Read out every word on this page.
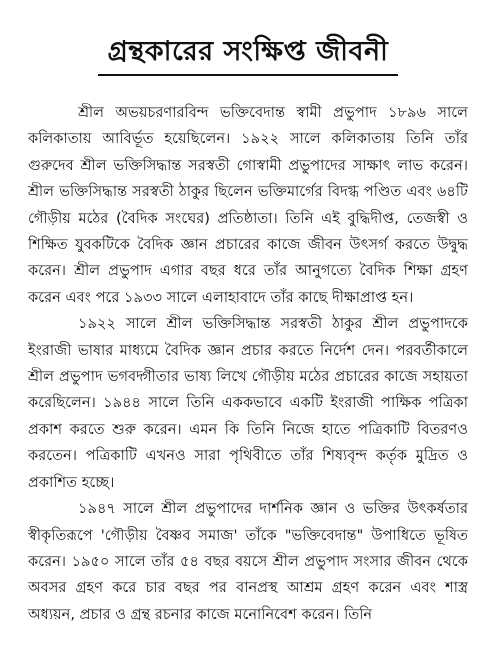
গ্রন্থকারের সংক্ষিপ্ত জীবনী

শ্রীল অভয়চরণারবিন্দ ভক্তিবেদান্ত স্বামী প্রভুপাদ ১৮৯৬ সালে কলিকাতায় আবির্ভূত হয়েছিলেন। ১৯২২ সালে কলিকাতায় তিনি তাঁর গুরুদেব শ্রীল ভক্তিসিদ্ধান্ত সরস্বতী গোস্বামী প্রভুপাদের সাক্ষাৎ লাভ করেন। শ্রীল ভক্তিসিদ্ধান্ত সরস্বতী ঠাকুর ছিলেন ভক্তিমার্গের বিদগ্ধ পণ্ডিত এবং ৬৪টি গৌড়ীয় মঠের (বৈদিক সংঘের) প্রতিষ্ঠাতা। তিনি এই বুদ্ধিদীপ্ত, তেজস্বী ও শিক্ষিত যুবকটিকে বৈদিক জ্ঞান প্রচারের কাজে জীবন উৎসর্গ করতে উদ্বুদ্ধ করেন। শ্রীল প্রভুপাদ এগার বছর ধরে তাঁর আনুগত্যে বৈদিক শিক্ষা গ্রহণ করেন এবং পরে ১৯৩৩ সালে এলাহাবাদে তাঁর কাছে দীক্ষাপ্রাপ্ত হন।

১৯২২ সালে শ্রীল ভক্তিসিদ্ধান্ত সরস্বতী ঠাকুর শ্রীল প্রভুপাদকে ইংরাজী ভাষার মাধ্যমে বৈদিক জ্ঞান প্রচার করতে নির্দেশ দেন। পরবর্তীকালে শ্রীল প্রভুপাদ ভগবদ্গীতার ভাষ্য লিখে গৌড়ীয় মঠের প্রচারের কাজে সহায়তা করেছিলেন। ১৯৪৪ সালে তিনি এককভাবে একটি ইংরাজী পাক্ষিক পত্রিকা প্রকাশ করতে শুরু করেন। এমন কি তিনি নিজে হাতে পত্রিকাটি বিতরণও করতেন। পত্রিকাটি এখনও সারা পৃথিবীতে তাঁর শিষ্যবৃন্দ কর্তৃক মুদ্রিত ও প্রকাশিত হচ্ছে।

১৯৪৭ সালে শ্রীল প্রভুপাদের দার্শনিক জ্ঞান ও ভক্তির উৎকর্ষতার স্বীকৃতিরূপে 'গৌড়ীয় বৈষ্ণব সমাজ' তাঁকে "ভক্তিবেদান্ত" উপাধিতে ভূষিত করেন। ১৯৫০ সালে তাঁর ৫৪ বছর বয়সে শ্রীল প্রভুপাদ সংসার জীবন থেকে অবসর গ্রহণ করে চার বছর পর বানপ্রস্থ আশ্রম গ্রহণ করেন এবং শাস্ত্র অধ্যয়ন, প্রচার ও গ্রন্থ রচনার কাজে মনোনিবেশ করেন। তিনি
